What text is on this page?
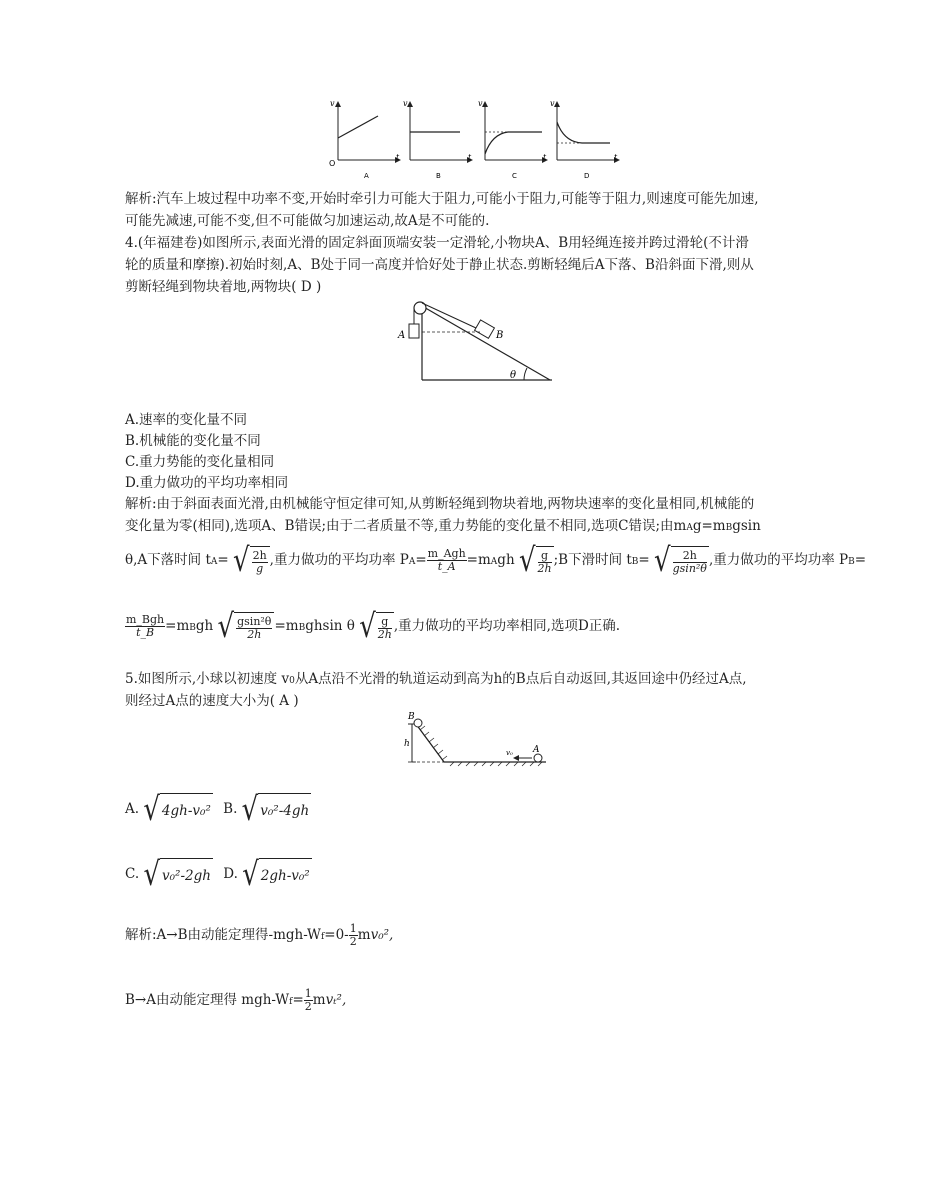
v
t
O
A
v
t
B
v
t
C
v
t
D
解析:汽车上坡过程中功率不变,开始时牵引力可能大于阻力,可能小于阻力,可能等于阻力,则速度可能先加速,
可能先减速,可能不变,但不可能做匀加速运动,故A是不可能的.
4.(年福建卷)如图所示,表面光滑的固定斜面顶端安装一定滑轮,小物块A、B用轻绳连接并跨过滑轮(不计滑
轮的质量和摩擦).初始时刻,A、B处于同一高度并恰好处于静止状态.剪断轻绳后A下落、B沿斜面下滑,则从
剪断轻绳到物块着地,两物块( D )
A	B
θ
A.速率的变化量不同
B.机械能的变化量不同
C.重力势能的变化量相同
D.重力做功的平均功率相同
解析:由于斜面表面光滑,由机械能守恒定律可知,从剪断轻绳到物块着地,两物块速率的变化量相同,机械能的
变化量为零(相同),选项A、B错误;由于二者质量不等,重力势能的变化量不相同,选项C错误;由mAg=mBgsin
θ,A下落时间 tA= √ $\frac{2h}{g}$ ,重力做功的平均功率 $PA= \frac{\text{m\_Agh}}{t\_A}$ =mAgh √ $\frac{g}{2h}$ ;B下滑时间 tB= √ $\frac{2h}{\text{gsin²θ}}$ ,重力做功的平均功率 PB=
$\frac{\text{m\_Bgh}}{t\_B}$ =mBgh √ $\frac{\text{gsin²θ}}{2h}$ =mBghsin θ √ $\frac{g}{2h}$ ,重力做功的平均功率相同,选项D正确.
5.如图所示,小球以初速度 v0从A点沿不光滑的轨道运动到高为h的B点后自动返回,其返回途中仍经过A点,
则经过A点的速度大小为( A )
B
h
v₀ A
A. √ 4gh-v₀² B. √ v₀²-4gh
C. √ v₀²-2gh D. √ 2gh-v₀²
解析:A→B由动能定理得$-mgh-Wf=0- \frac{1}{2} mv_0^2$,
B→A由动能定理得 $mgh-Wf= \frac{1}{2} mv_t^2$,
